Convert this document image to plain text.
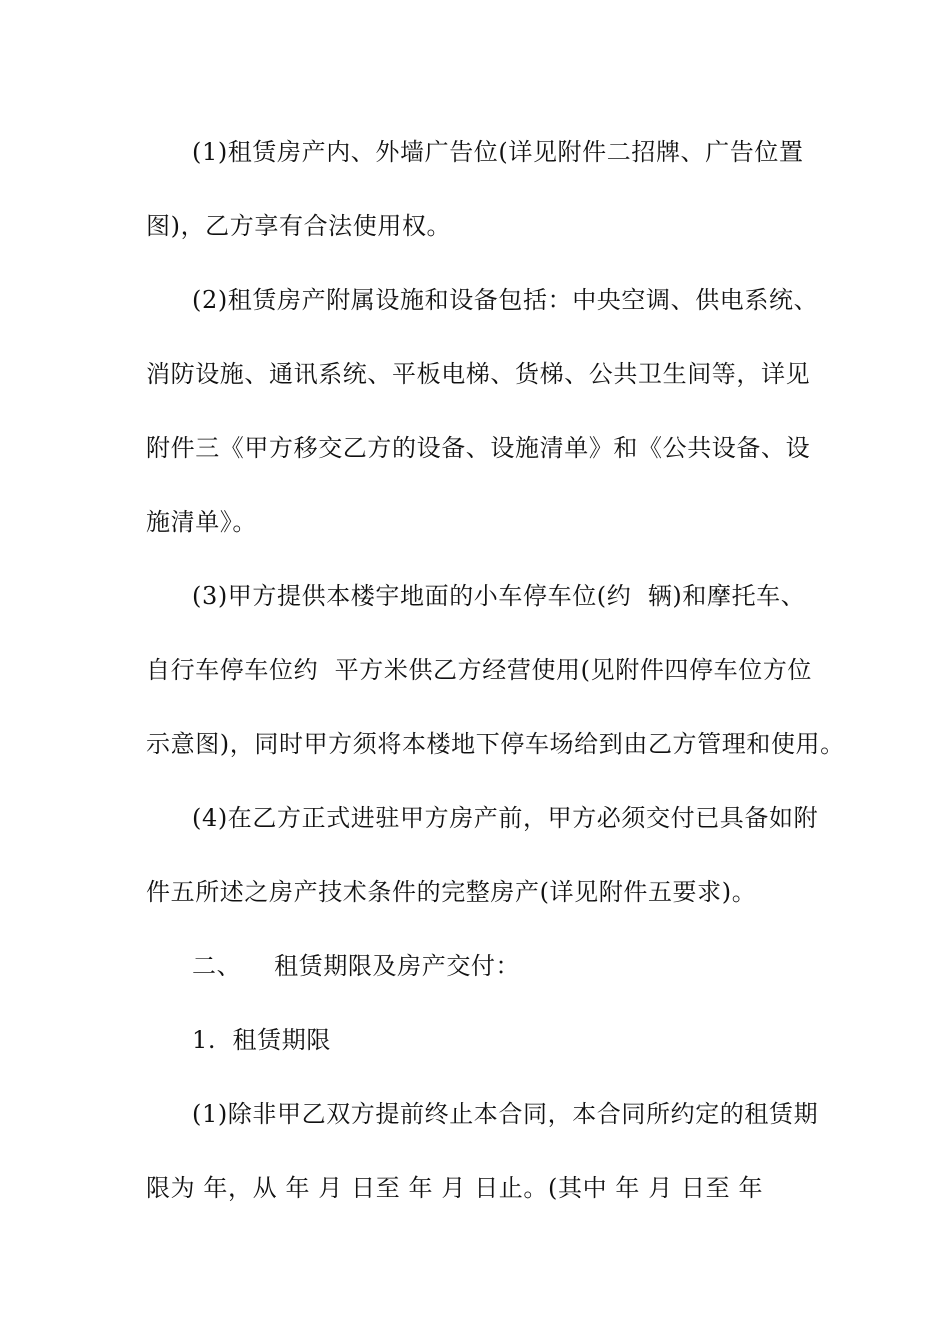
(1)租赁房产内、外墙广告位(详见附件二招牌、广告位置
图)，乙方享有合法使用权。
(2)租赁房产附属设施和设备包括：中央空调、供电系统、
消防设施、通讯系统、平板电梯、货梯、公共卫生间等，详见
附件三《甲方移交乙方的设备、设施清单》和《公共设备、设
施清单》。
(3)甲方提供本楼宇地面的小车停车位(约  辆)和摩托车、
自行车停车位约  平方米供乙方经营使用(见附件四停车位方位
示意图)，同时甲方须将本楼地下停车场给到由乙方管理和使用。
(4)在乙方正式进驻甲方房产前，甲方必须交付已具备如附
件五所述之房产技术条件的完整房产(详见附件五要求)。
二、    租赁期限及房产交付：
1.  租赁期限
(1)除非甲乙双方提前终止本合同，本合同所约定的租赁期
限为 年，从 年 月 日至 年 月 日止。(其中 年 月 日至 年
